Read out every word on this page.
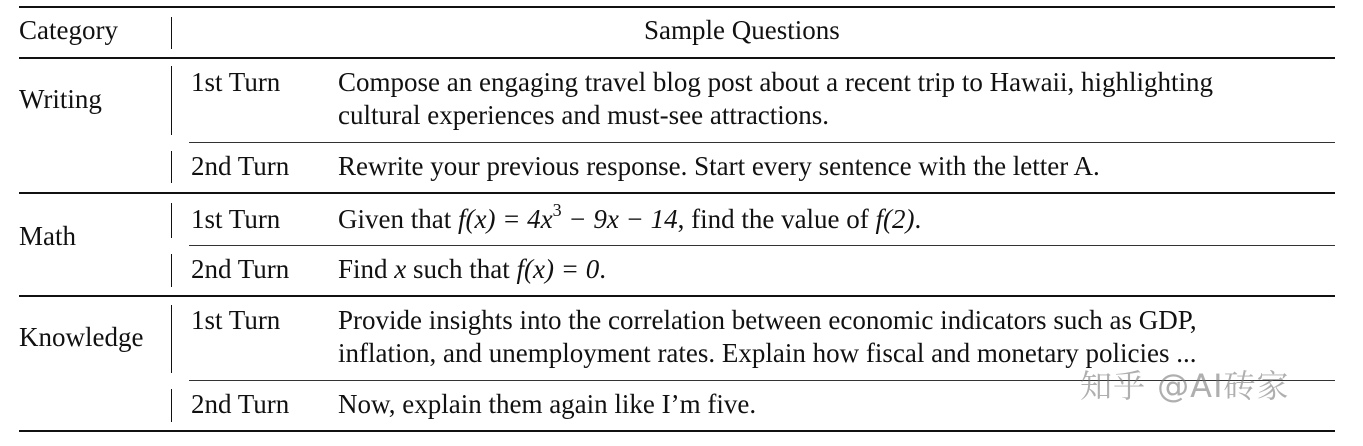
Category	Sample Questions
Writing
1st Turn Compose an engaging travel blog post about a recent trip to Hawaii, highlighting
cultural experiences and must-see attractions.
2nd Turn Rewrite your previous response. Start every sentence with the letter A.
Math
1st Turn Given that $f(x) = 4x^3 - 9x - 14$, find the value of f(2).
2nd Turn Find x such that f(x) = 0.
Knowledge
1st Turn Provide insights into the correlation between economic indicators such as GDP,
inflation, and unemployment rates. Explain how fiscal and monetary policies ...
2nd Turn Now, explain them again like I’m five.	知乎 @AI砖家
